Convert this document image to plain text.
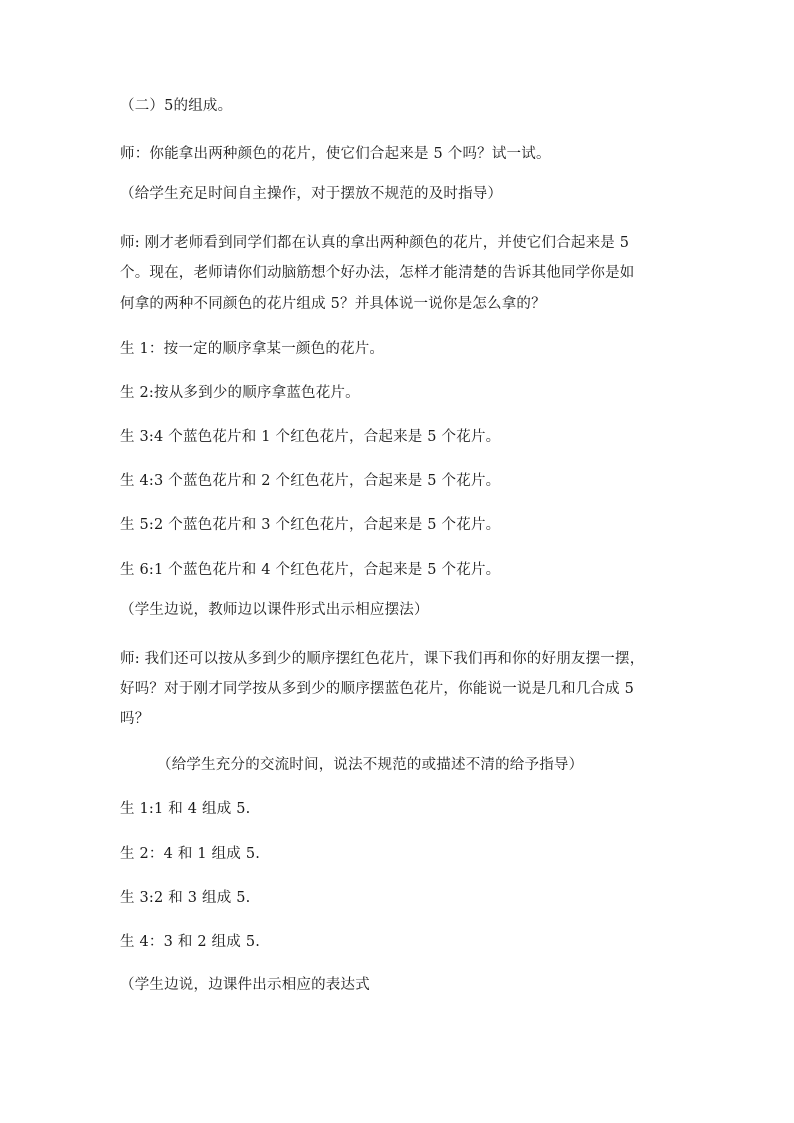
（二）5的组成。
师：你能拿出两种颜色的花片，使它们合起来是 5 个吗？试一试。
（给学生充足时间自主操作，对于摆放不规范的及时指导）
师: 刚才老师看到同学们都在认真的拿出两种颜色的花片，并使它们合起来是 5
个。现在，老师请你们动脑筋想个好办法，怎样才能清楚的告诉其他同学你是如
何拿的两种不同颜色的花片组成 5？并具体说一说你是怎么拿的？
生 1：按一定的顺序拿某一颜色的花片。
生 2:按从多到少的顺序拿蓝色花片。
生 3:4 个蓝色花片和 1 个红色花片，合起来是 5 个花片。
生 4:3 个蓝色花片和 2 个红色花片，合起来是 5 个花片。
生 5:2 个蓝色花片和 3 个红色花片，合起来是 5 个花片。
生 6:1 个蓝色花片和 4 个红色花片，合起来是 5 个花片。
（学生边说，教师边以课件形式出示相应摆法）
师: 我们还可以按从多到少的顺序摆红色花片，课下我们再和你的好朋友摆一摆，
好吗？对于刚才同学按从多到少的顺序摆蓝色花片，你能说一说是几和几合成 5
吗？
（给学生充分的交流时间，说法不规范的或描述不清的给予指导）
生 1:1 和 4 组成 5.
生 2：4 和 1 组成 5.
生 3:2 和 3 组成 5.
生 4：3 和 2 组成 5.
（学生边说，边课件出示相应的表达式
